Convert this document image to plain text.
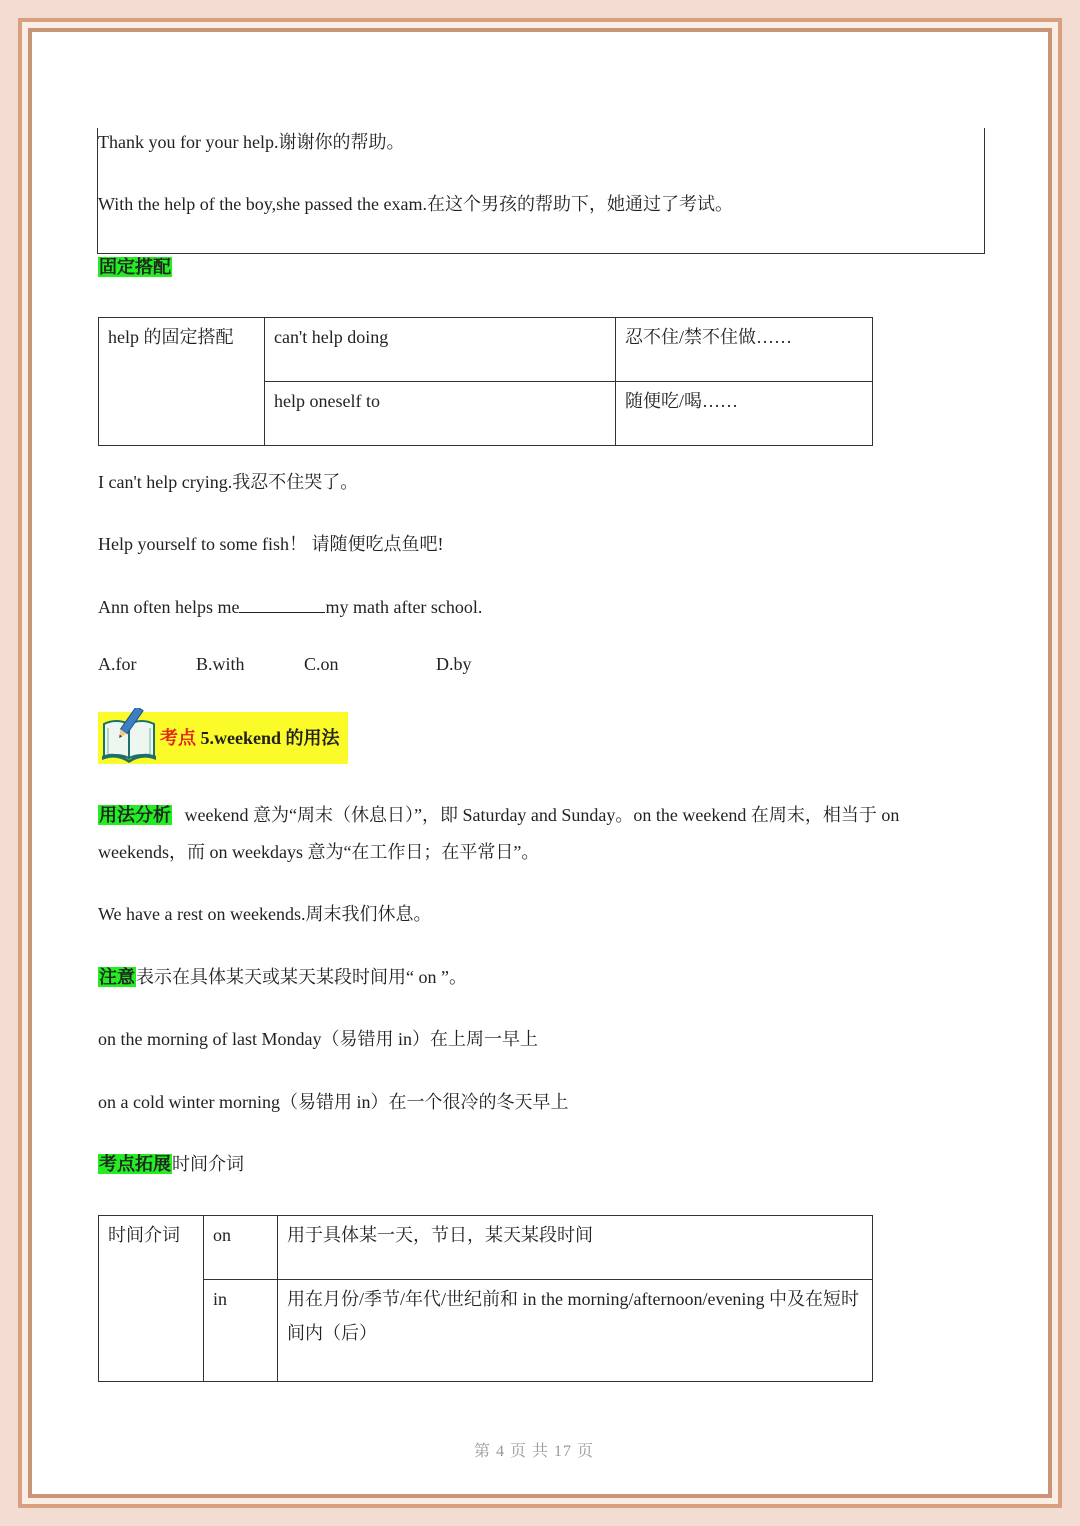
Thank you for your help.谢谢你的帮助。
With the help of the boy,she passed the exam.在这个男孩的帮助下，她通过了考试。
固定搭配
help 的固定搭配	can't help doing	忍不住/禁不住做……
	help oneself to	随便吃/喝……
I can't help crying.我忍不住哭了。
Help yourself to some fish！ 请随便吃点鱼吧!
Ann often helps me	my math after school.
A.for	B.with	C.on	D.by
考点 5.weekend 的用法
用法分析 weekend 意为“周末（休息日）”，即 Saturday and Sunday。on the weekend 在周末，相当于 on
weekends，而 on weekdays 意为“在工作日；在平常日”。
We have a rest on weekends.周末我们休息。
注意表示在具体某天或某天某段时间用“ on ”。
on the morning of last Monday（易错用 in）在上周一早上
on a cold winter morning（易错用 in）在一个很冷的冬天早上
考点拓展时间介词
时间介词	on	用于具体某一天，节日，某天某段时间
	in	用在月份/季节/年代/世纪前和 in the morning/afternoon/evening 中及在短时间内（后）
第 4 页 共 17 页
